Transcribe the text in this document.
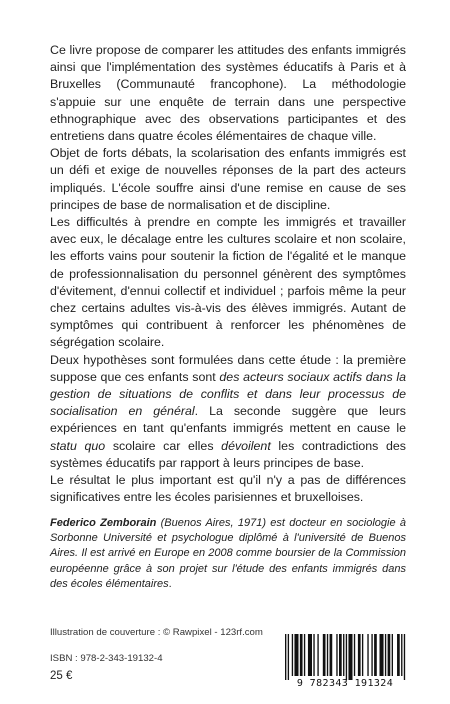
Ce livre propose de comparer les attitudes des enfants immigrés ainsi que l'implémentation des systèmes éducatifs à Paris et à Bruxelles (Communauté francophone). La méthodologie s'appuie sur une enquête de terrain dans une perspective ethnographique avec des observations participantes et des entretiens dans quatre écoles élémentaires de chaque ville.

Objet de forts débats, la scolarisation des enfants immigrés est un défi et exige de nouvelles réponses de la part des acteurs impliqués. L'école souffre ainsi d'une remise en cause de ses principes de base de normalisation et de discipline.

Les difficultés à prendre en compte les immigrés et travailler avec eux, le décalage entre les cultures scolaire et non scolaire, les efforts vains pour soutenir la fiction de l'égalité et le manque de professionnalisation du personnel génèrent des symptômes d'évitement, d'ennui collectif et individuel ; parfois même la peur chez certains adultes vis-à-vis des élèves immigrés. Autant de symptômes qui contribuent à renforcer les phénomènes de ségrégation scolaire.

Deux hypothèses sont formulées dans cette étude : la première suppose que ces enfants sont des acteurs sociaux actifs dans la gestion de situations de conflits et dans leur processus de socialisation en général. La seconde suggère que leurs expériences en tant qu'enfants immigrés mettent en cause le statu quo scolaire car elles dévoilent les contradictions des systèmes éducatifs par rapport à leurs principes de base.

Le résultat le plus important est qu'il n'y a pas de différences significatives entre les écoles parisiennes et bruxelloises.

Federico Zemborain (Buenos Aires, 1971) est docteur en sociologie à Sorbonne Université et psychologue diplômé à l'université de Buenos Aires. Il est arrivé en Europe en 2008 comme boursier de la Commission européenne grâce à son projet sur l'étude des enfants immigrés dans des écoles élémentaires.

Illustration de couverture : © Rawpixel - 123rf.com
ISBN : 978-2-343-19132-4
25 €
9 782343 191324
